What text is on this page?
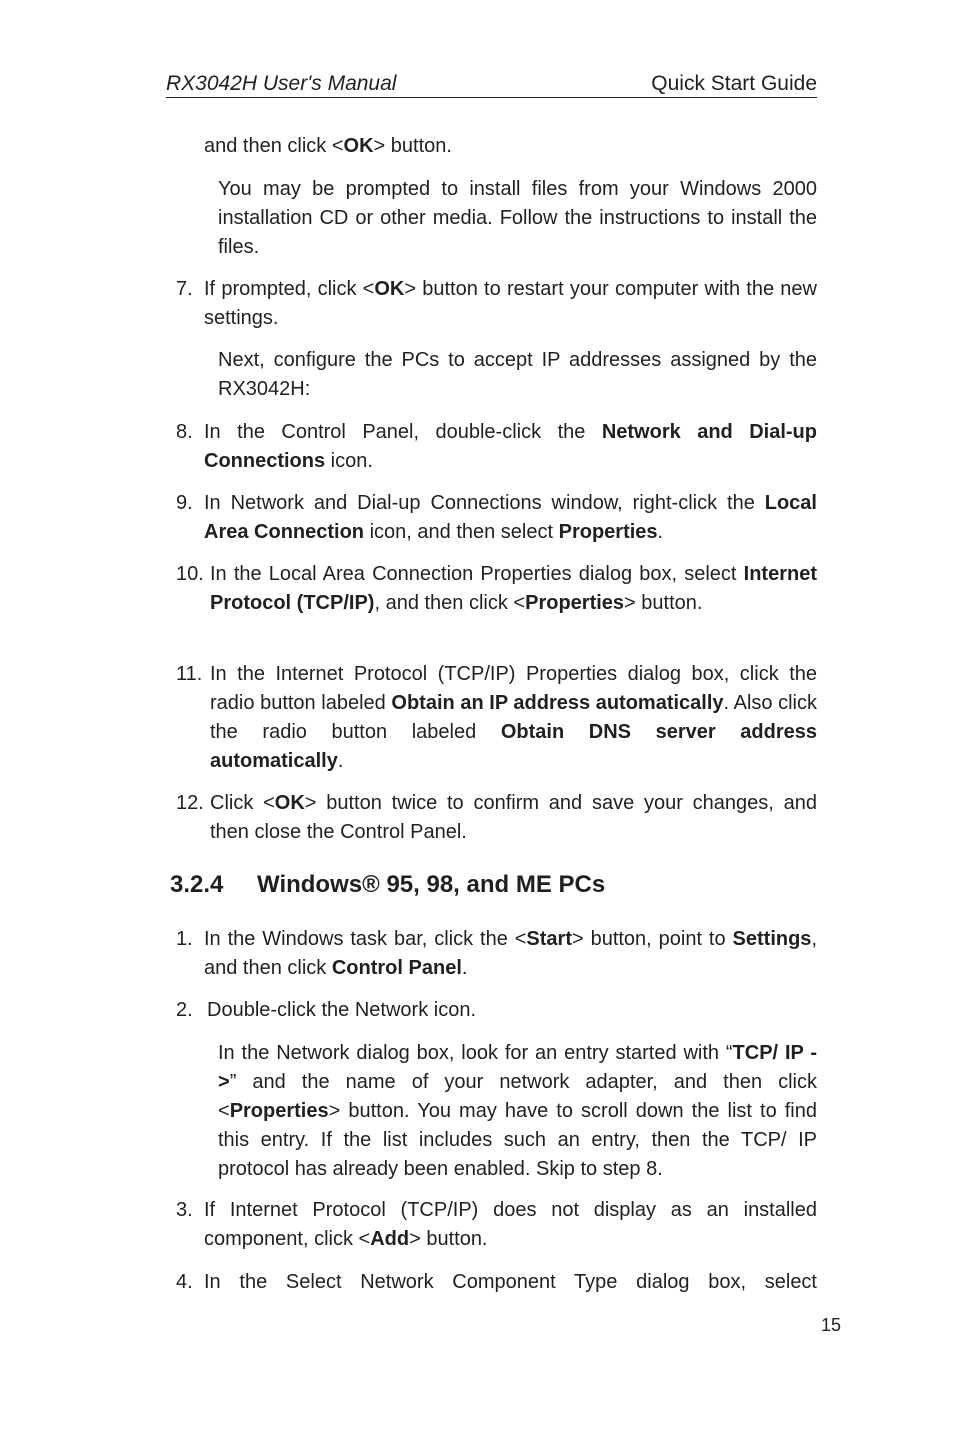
RX3042H User's Manual	Quick Start Guide
and then click <OK> button.
You may be prompted to install files from your Windows 2000 installation CD or other media. Follow the instructions to install the files.
7. If prompted, click <OK> button to restart your computer with the new settings.
Next, configure the PCs to accept IP addresses assigned by the RX3042H:
8. In the Control Panel, double-click the Network and Dial-up Connections icon.
9. In Network and Dial-up Connections window, right-click the Local Area Connection icon, and then select Properties.
10. In the Local Area Connection Properties dialog box, select Internet Protocol (TCP/IP), and then click <Properties> button.
11. In the Internet Protocol (TCP/IP) Properties dialog box, click the radio button labeled Obtain an IP address automatically. Also click the radio button labeled Obtain DNS server address automatically.
12. Click <OK> button twice to confirm and save your changes, and then close the Control Panel.
3.2.4 Windows® 95, 98, and ME PCs
1. In the Windows task bar, click the <Start> button, point to Settings, and then click Control Panel.
2. Double-click the Network icon.
In the Network dialog box, look for an entry started with “TCP/ IP ->” and the name of your network adapter, and then click <Properties> button. You may have to scroll down the list to find this entry. If the list includes such an entry, then the TCP/ IP protocol has already been enabled. Skip to step 8.
3. If Internet Protocol (TCP/IP) does not display as an installed component, click <Add> button.
4. In the Select Network Component Type dialog box, select
15
